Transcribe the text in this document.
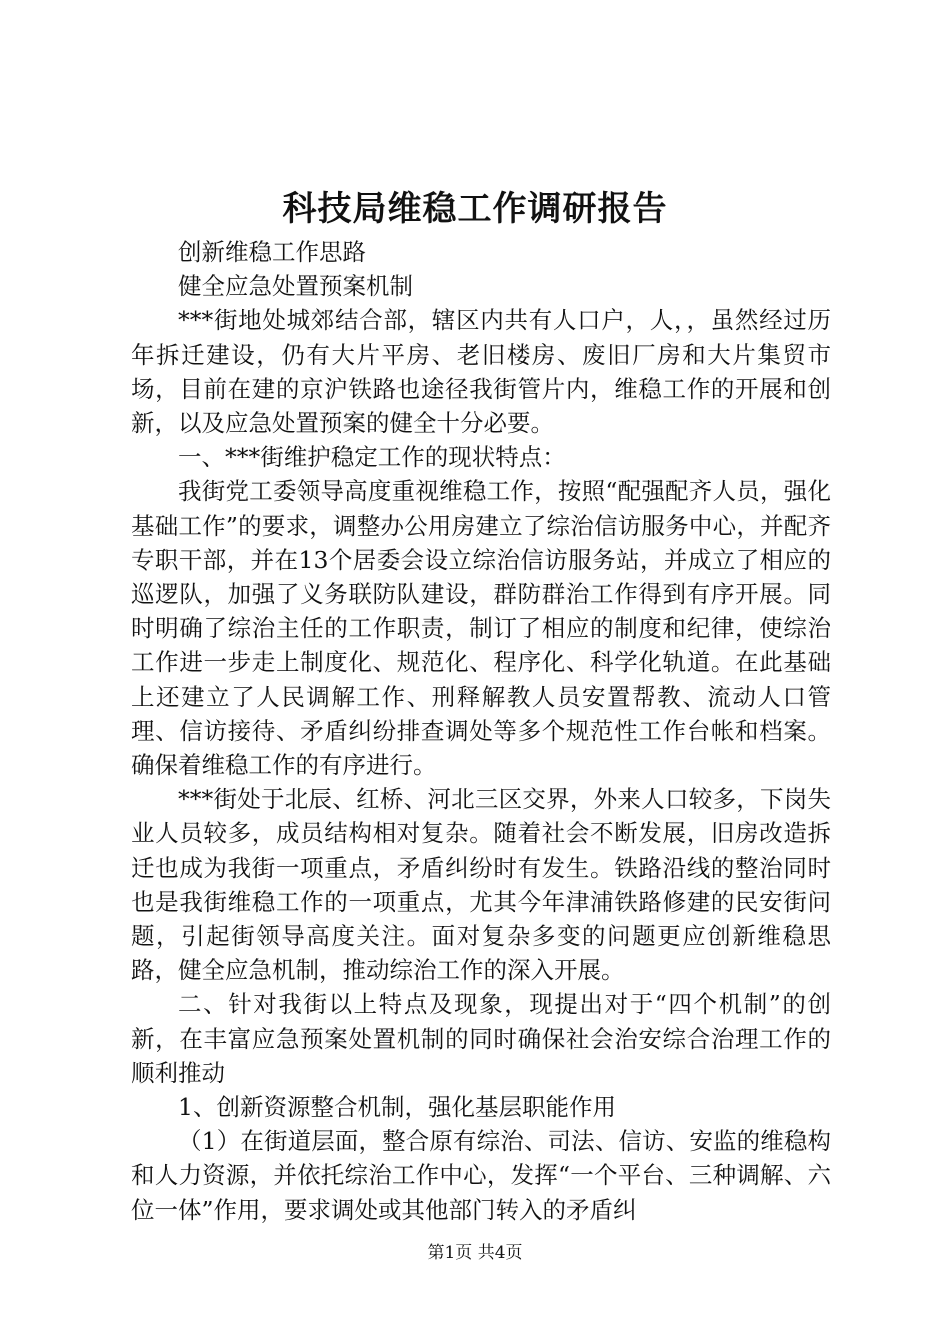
科技局维稳工作调研报告

创新维稳工作思路

健全应急处置预案机制

***街地处城郊结合部，辖区内共有人口户，人，，虽然经过历年拆迁建设，仍有大片平房、老旧楼房、废旧厂房和大片集贸市场，目前在建的京沪铁路也途径我街管片内，维稳工作的开展和创新，以及应急处置预案的健全十分必要。

一、***街维护稳定工作的现状特点：

我街党工委领导高度重视维稳工作，按照“配强配齐人员，强化基础工作”的要求，调整办公用房建立了综治信访服务中心，并配齐专职干部，并在13个居委会设立综治信访服务站，并成立了相应的巡逻队，加强了义务联防队建设，群防群治工作得到有序开展。同时明确了综治主任的工作职责，制订了相应的制度和纪律，使综治工作进一步走上制度化、规范化、程序化、科学化轨道。在此基础上还建立了人民调解工作、刑释解教人员安置帮教、流动人口管理、信访接待、矛盾纠纷排查调处等多个规范性工作台帐和档案。确保着维稳工作的有序进行。

***街处于北辰、红桥、河北三区交界，外来人口较多，下岗失业人员较多，成员结构相对复杂。随着社会不断发展，旧房改造拆迁也成为我街一项重点，矛盾纠纷时有发生。铁路沿线的整治同时也是我街维稳工作的一项重点，尤其今年津浦铁路修建的民安街问题，引起街领导高度关注。面对复杂多变的问题更应创新维稳思路，健全应急机制，推动综治工作的深入开展。

二、针对我街以上特点及现象，现提出对于“四个机制”的创新，在丰富应急预案处置机制的同时确保社会治安综合治理工作的顺利推动

1、创新资源整合机制，强化基层职能作用

（1）在街道层面，整合原有综治、司法、信访、安监的维稳构和人力资源，并依托综治工作中心，发挥“一个平台、三种调解、六位一体”作用，要求调处或其他部门转入的矛盾纠

第1页 共4页
